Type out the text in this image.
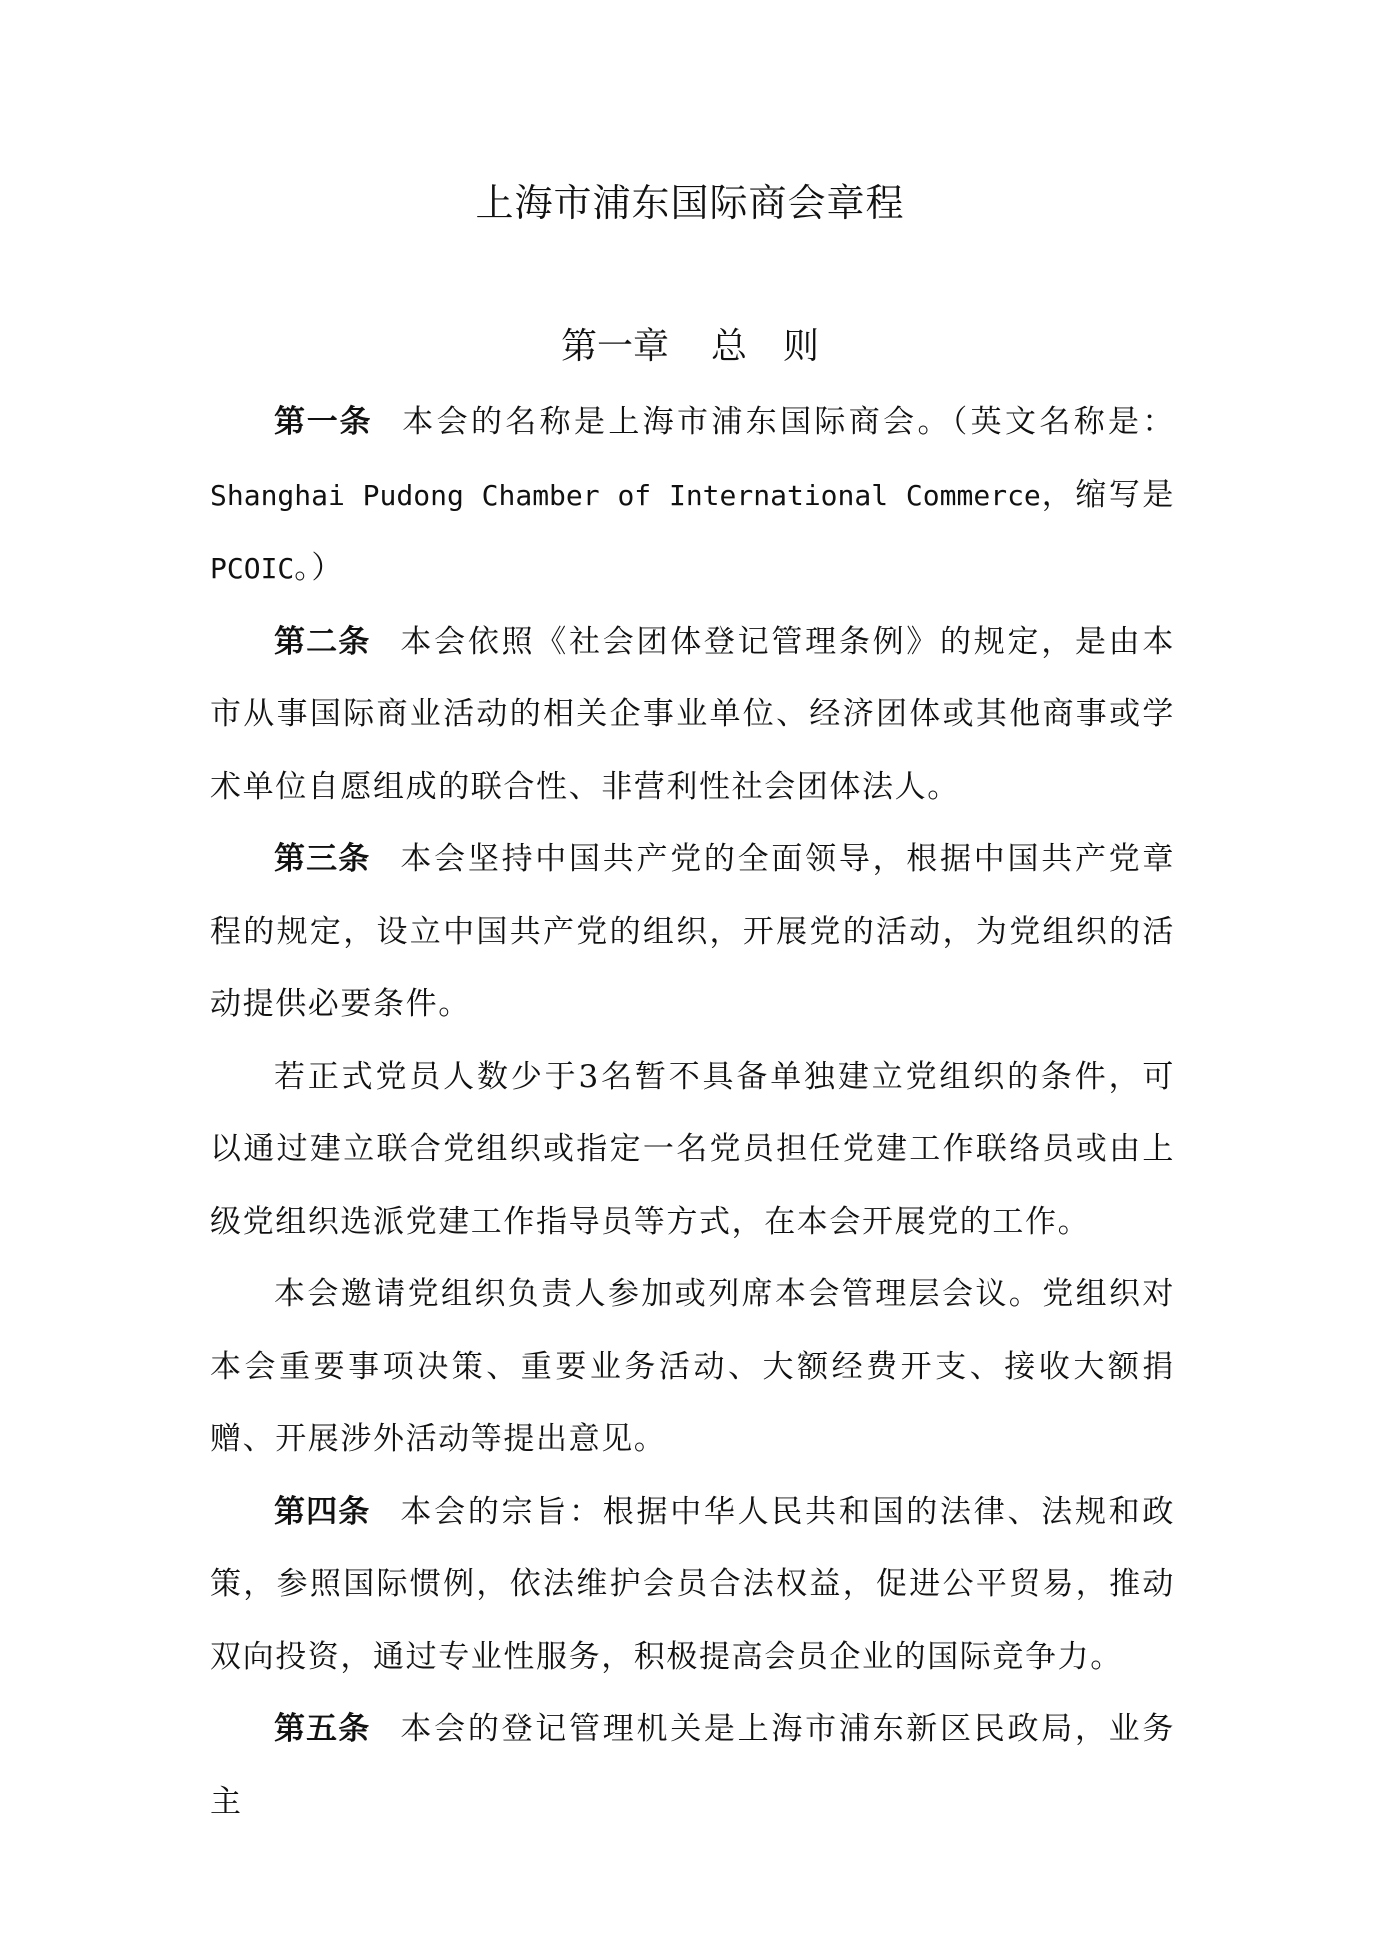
上海市浦东国际商会章程
第一章 总　则

第一条 本会的名称是上海市浦东国际商会。（英文名称是：Shanghai Pudong Chamber of International Commerce，缩写是PCOIC。）

第二条 本会依照《社会团体登记管理条例》的规定，是由本市从事国际商业活动的相关企事业单位、经济团体或其他商事或学术单位自愿组成的联合性、非营利性社会团体法人。

第三条 本会坚持中国共产党的全面领导，根据中国共产党章程的规定，设立中国共产党的组织，开展党的活动，为党组织的活动提供必要条件。

若正式党员人数少于3名暂不具备单独建立党组织的条件，可以通过建立联合党组织或指定一名党员担任党建工作联络员或由上级党组织选派党建工作指导员等方式，在本会开展党的工作。

本会邀请党组织负责人参加或列席本会管理层会议。党组织对本会重要事项决策、重要业务活动、大额经费开支、接收大额捐赠、开展涉外活动等提出意见。

第四条 本会的宗旨：根据中华人民共和国的法律、法规和政策，参照国际惯例，依法维护会员合法权益，促进公平贸易，推动双向投资，通过专业性服务，积极提高会员企业的国际竞争力。

第五条 本会的登记管理机关是上海市浦东新区民政局，业务主
